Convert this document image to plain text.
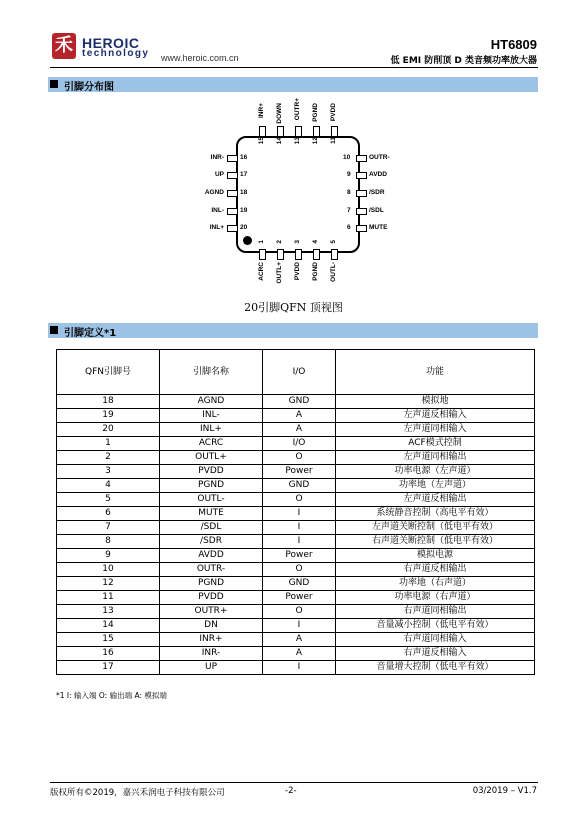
禾 HEROIC
technology www.heroic.com.cn
HT6809
低 EMI 防削顶 D 类音频功率放大器
引脚分布图
15
INR+
14
DOWN
13
OUTR+
12
PGND
11
PVDD
1
ACRC
2
OUTL+
3
PVDD
4
PGND
5
OUTL-
16
INR-
17
UP
18
AGND
19
INL-
20
INL+
10	OUTR-
9	AVDD
8	/SDR
7	/SDL
6	MUTE
20引脚QFN 顶视图
引脚定义*1
QFN引脚号	引脚名称	I/O	功能
18	AGND	GND	模拟地
19	INL-	A	左声道反相输入
20	INL+	A	左声道同相输入
1	ACRC	I/O	ACF模式控制
2	OUTL+	O	左声道同相输出
3	PVDD	Power	功率电源（左声道）
4	PGND	GND	功率地（左声道）
5	OUTL-	O	左声道反相输出
6	MUTE	I	系统静音控制（高电平有效）
7	/SDL	I	左声道关断控制（低电平有效）
8	/SDR	I	右声道关断控制（低电平有效）
9	AVDD	Power	模拟电源
10	OUTR-	O	右声道反相输出
12	PGND	GND	功率地（右声道）
11	PVDD	Power	功率电源（右声道）
13	OUTR+	O	右声道同相输出
14	DN	I	音量减小控制（低电平有效）
15	INR+	A	右声道同相输入
16	INR-	A	右声道反相输入
17	UP	I	音量增大控制（低电平有效）
*1 I: 输入端 O: 输出端 A: 模拟端
版权所有©2019，嘉兴禾润电子科技有限公司	-2-	03/2019 – V1.7
